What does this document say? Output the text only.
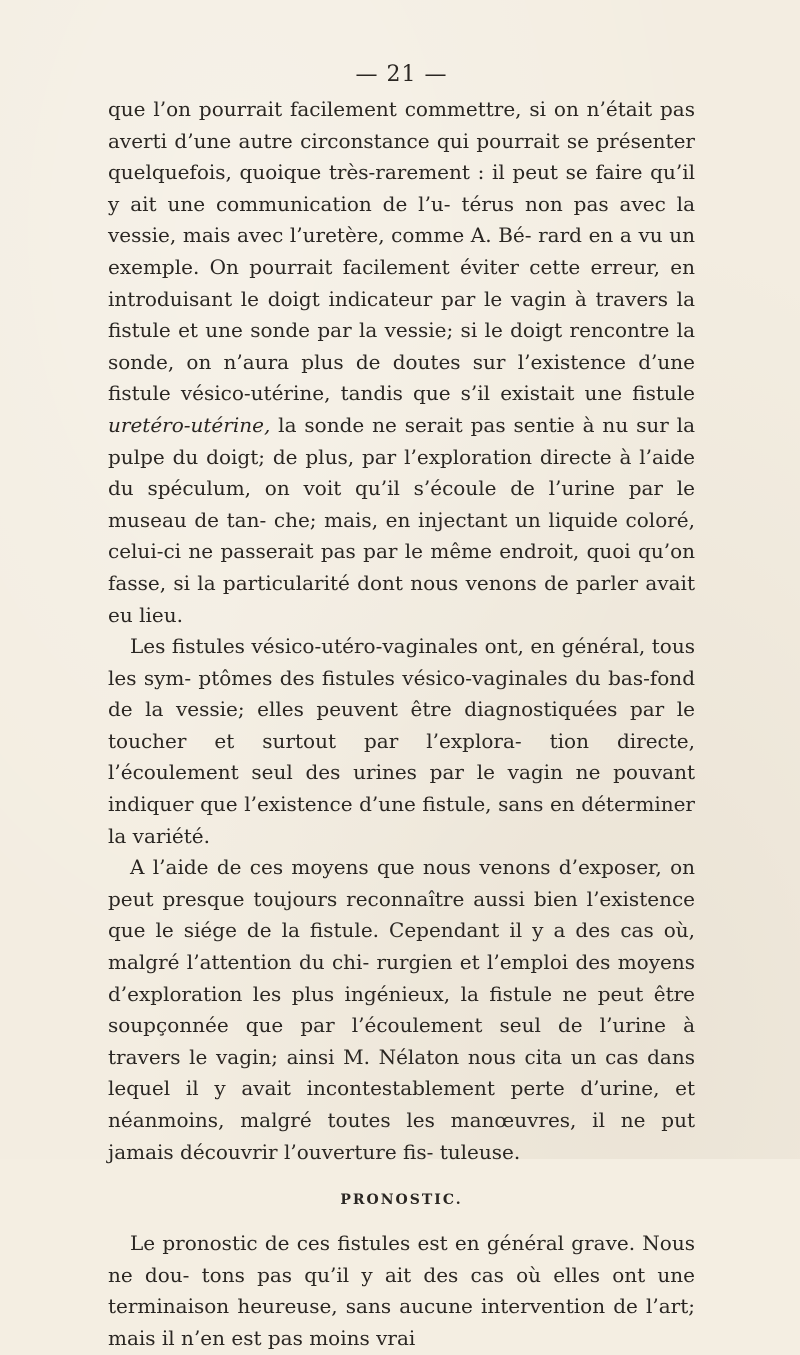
— 21 —

que l’on pourrait facilement commettre, si on n’était pas averti d’une autre circonstance qui pourrait se présenter quelquefois, quoique très-rarement : il peut se faire qu’il y ait une communication de l’u- térus non pas avec la vessie, mais avec l’uretère, comme A. Bé- rard en a vu un exemple. On pourrait facilement éviter cette erreur, en introduisant le doigt indicateur par le vagin à travers la fistule et une sonde par la vessie; si le doigt rencontre la sonde, on n’aura plus de doutes sur l’existence d’une fistule vésico-utérine, tandis que s’il existait une fistule uretéro-utérine, la sonde ne serait pas sentie à nu sur la pulpe du doigt; de plus, par l’exploration directe à l’aide du spéculum, on voit qu’il s’écoule de l’urine par le museau de tan- che; mais, en injectant un liquide coloré, celui-ci ne passerait pas par le même endroit, quoi qu’on fasse, si la particularité dont nous venons de parler avait eu lieu.

Les fistules vésico-utéro-vaginales ont, en général, tous les sym- ptômes des fistules vésico-vaginales du bas-fond de la vessie; elles peuvent être diagnostiquées par le toucher et surtout par l’explora- tion directe, l’écoulement seul des urines par le vagin ne pouvant indiquer que l’existence d’une fistule, sans en déterminer la variété.

A l’aide de ces moyens que nous venons d’exposer, on peut presque toujours reconnaître aussi bien l’existence que le siége de la fistule. Cependant il y a des cas où, malgré l’attention du chi- rurgien et l’emploi des moyens d’exploration les plus ingénieux, la fistule ne peut être soupçonnée que par l’écoulement seul de l’urine à travers le vagin; ainsi M. Nélaton nous cita un cas dans lequel il y avait incontestablement perte d’urine, et néanmoins, malgré toutes les manœuvres, il ne put jamais découvrir l’ouverture fis- tuleuse.

PRONOSTIC.

Le pronostic de ces fistules est en général grave. Nous ne dou- tons pas qu’il y ait des cas où elles ont une terminaison heureuse, sans aucune intervention de l’art; mais il n’en est pas moins vrai
